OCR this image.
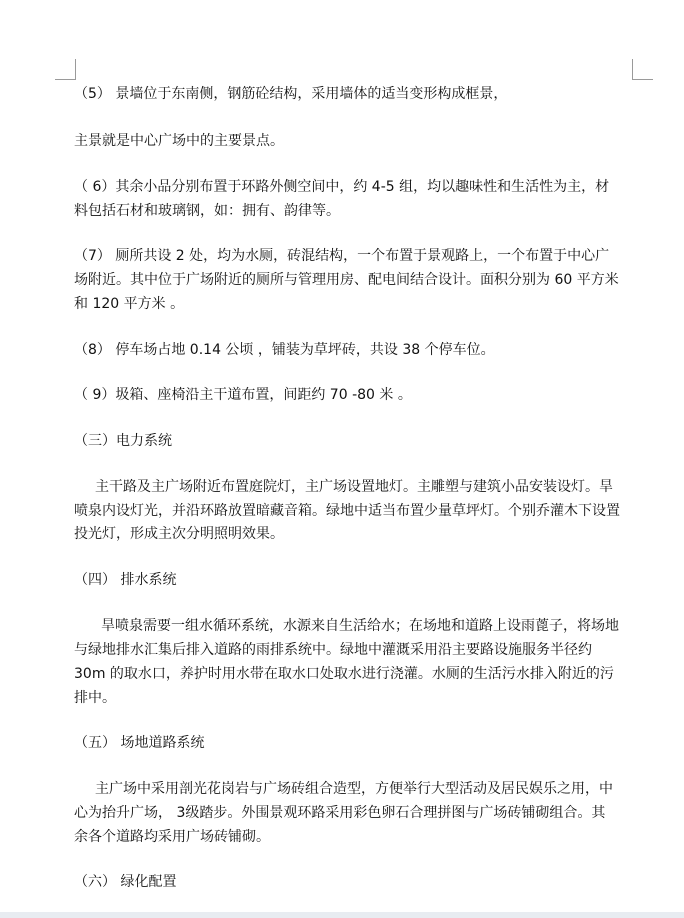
（5） 景墙位于东南侧，钢筋砼结构，采用墙体的适当变形构成框景，
主景就是中心广场中的主要景点。
（ 6）其余小品分别布置于环路外侧空间中，约 4-5 组，均以趣味性和生活性为主，材
料包括石材和玻璃钢，如：拥有、韵律等。
（7） 厕所共设 2 处，均为水厕，砖混结构，一个布置于景观路上，一个布置于中心广
场附近。其中位于广场附近的厕所与管理用房、配电间结合设计。面积分别为 60 平方米
和 120 平方米 。
（8） 停车场占地 0.14 公顷 ，铺装为草坪砖，共设 38 个停车位。
（ 9）圾箱、座椅沿主干道布置，间距约 70 -80 米 。
（三）电力系统
主干路及主广场附近布置庭院灯，主广场设置地灯。主雕塑与建筑小品安装设灯。旱
喷泉内设灯光，并沿环路放置暗藏音箱。绿地中适当布置少量草坪灯。个别乔灌木下设置
投光灯，形成主次分明照明效果。
（四） 排水系统
旱喷泉需要一组水循环系统，水源来自生活给水；在场地和道路上设雨蓖子，将场地
与绿地排水汇集后排入道路的雨排系统中。绿地中灌溉采用沿主要路设施服务半径约
30m 的取水口，养护时用水带在取水口处取水进行浇灌。水厕的生活污水排入附近的污
排中。
（五） 场地道路系统
主广场中采用剖光花岗岩与广场砖组合造型，方便举行大型活动及居民娱乐之用，中
心为抬升广场， 3级踏步。外围景观环路采用彩色卵石合理拼图与广场砖铺砌组合。其
余各个道路均采用广场砖铺砌。
（六） 绿化配置
